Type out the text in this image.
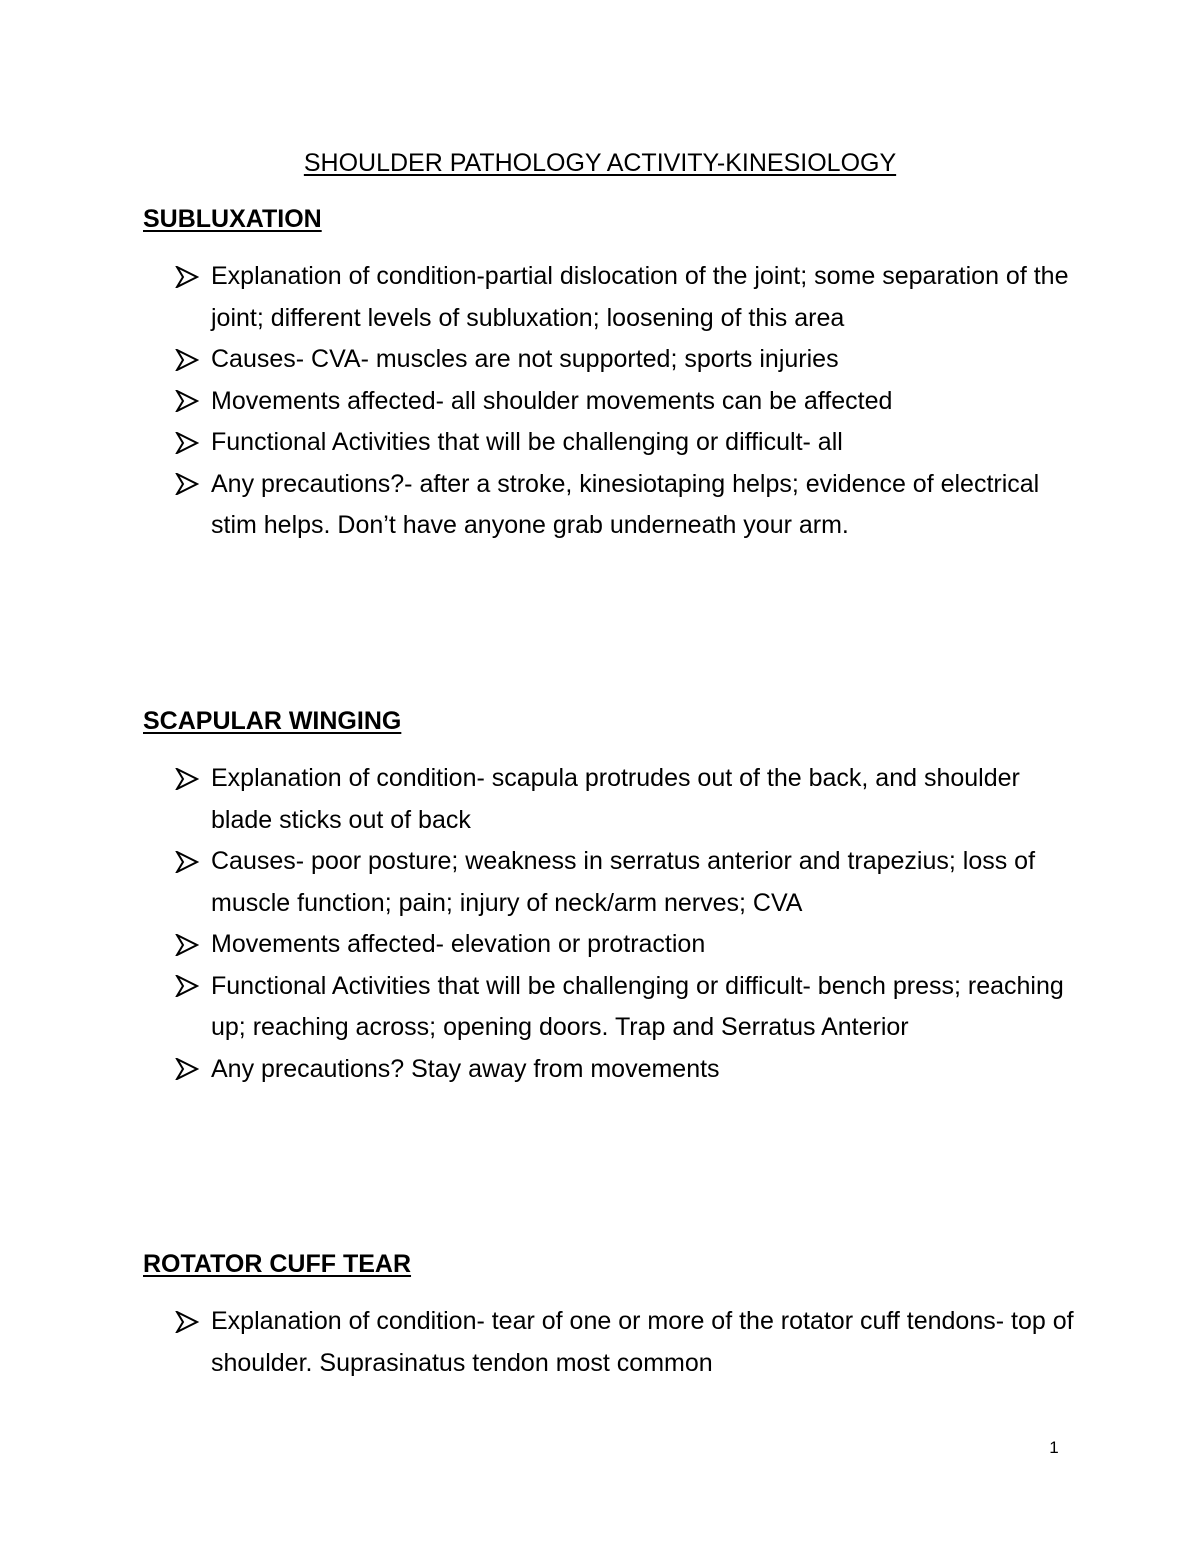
SHOULDER PATHOLOGY ACTIVITY-KINESIOLOGY
SUBLUXATION
Explanation of condition-partial dislocation of the joint; some separation of the joint; different levels of subluxation; loosening of this area
Causes- CVA- muscles are not supported; sports injuries
Movements affected- all shoulder movements can be affected
Functional Activities that will be challenging or difficult- all
Any precautions?- after a stroke, kinesiotaping helps; evidence of electrical stim helps. Don’t have anyone grab underneath your arm.
SCAPULAR WINGING
Explanation of condition- scapula protrudes out of the back, and shoulder blade sticks out of back
Causes- poor posture; weakness in serratus anterior and trapezius; loss of muscle function; pain; injury of neck/arm nerves; CVA
Movements affected- elevation or protraction
Functional Activities that will be challenging or difficult- bench press; reaching up; reaching across; opening doors. Trap and Serratus Anterior
Any precautions? Stay away from movements
ROTATOR CUFF TEAR
Explanation of condition- tear of one or more of the rotator cuff tendons- top of shoulder. Suprasinatus tendon most common
1
